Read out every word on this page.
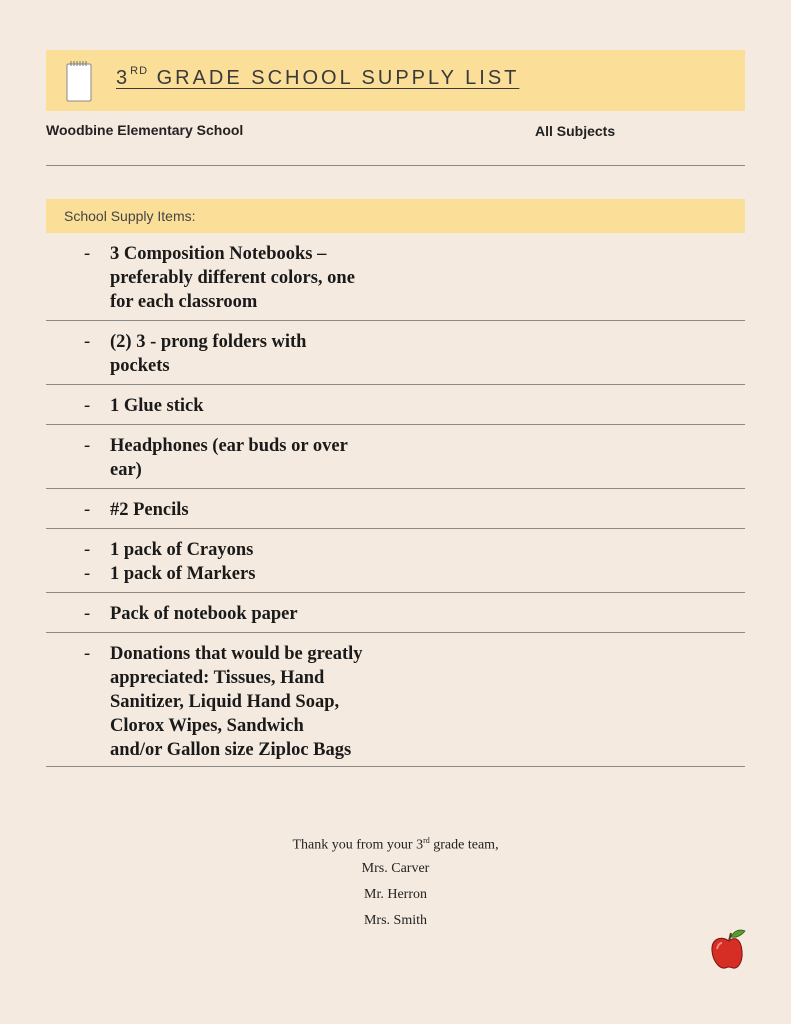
3RD GRADE SCHOOL SUPPLY LIST
Woodbine Elementary School	All Subjects
School Supply Items:
- 3 Composition Notebooks –
preferably different colors, one
for each classroom
- (2) 3 - prong folders with
pockets
- 1 Glue stick
- Headphones (ear buds or over
ear)
- #2 Pencils
- 1 pack of Crayons
- 1 pack of Markers
- Pack of notebook paper
- Donations that would be greatly
appreciated: Tissues, Hand
Sanitizer, Liquid Hand Soap,
Clorox Wipes, Sandwich
and/or Gallon size Ziploc Bags
Thank you from your 3rd grade team,
Mrs. Carver
Mr. Herron
Mrs. Smith
